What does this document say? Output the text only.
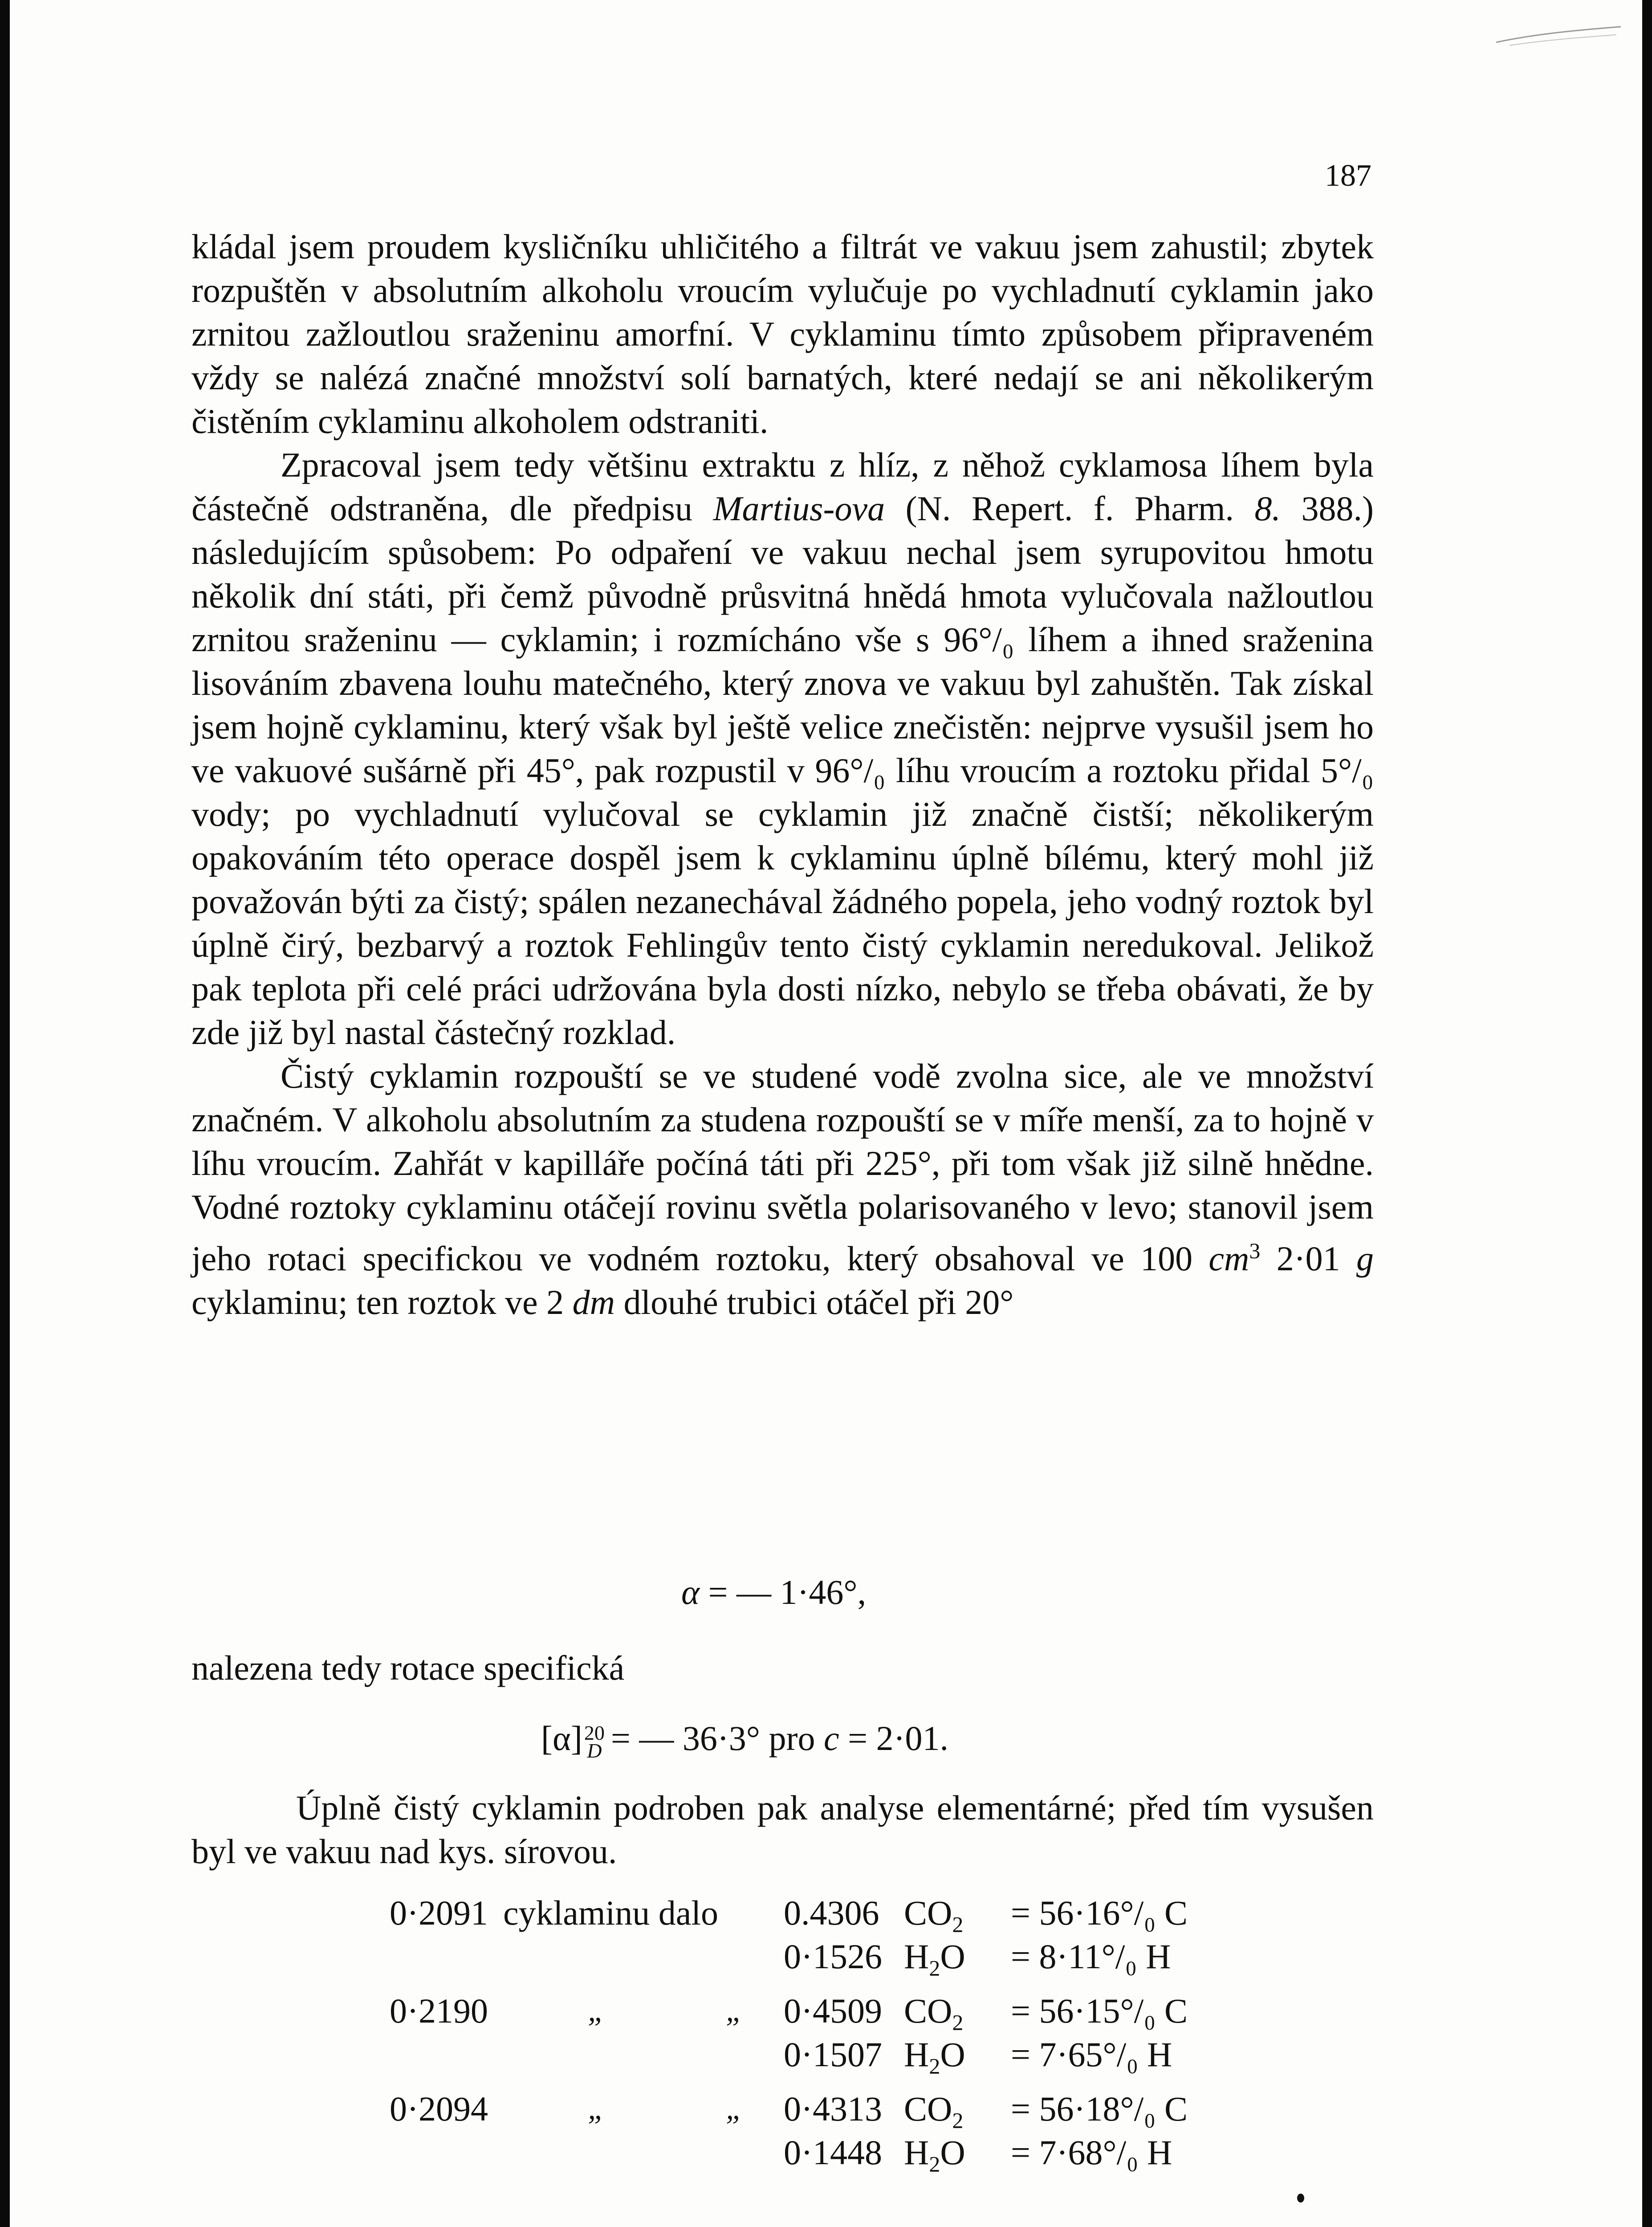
187

kládal jsem proudem kysličníku uhličitého a filtrát ve vakuu jsem zahustil; zbytek rozpuštěn v absolutním alkoholu vroucím vylučuje po vychladnutí cyklamin jako zrnitou zažloutlou sraženinu amorfní. V cyklaminu tímto způsobem připraveném vždy se nalézá značné množství solí barnatých, které nedají se ani několikerým čistěním cyklaminu alkoholem odstraniti.

Zpracoval jsem tedy většinu extraktu z hlíz, z něhož cyklamosa líhem byla částečně odstraněna, dle předpisu Martius-ova (N. Repert. f. Pharm. 8. 388.) následujícím spůsobem: Po odpaření ve vakuu nechal jsem syrupovitou hmotu několik dní státi, při čemž původně průsvitná hnědá hmota vylučovala nažloutlou zrnitou sraženinu — cyklamin; i rozmícháno vše s 96°/₀ líhem a ihned sraženina lisováním zbavena louhu matečného, který znova ve vakuu byl zahuštěn. Tak získal jsem hojně cyklaminu, který však byl ještě velice znečistěn: nejprve vysušil jsem ho ve vakuové sušárně při 45°, pak rozpustil v 96°/₀ líhu vroucím a roztoku přidal 5°/₀ vody; po vychladnutí vylučoval se cyklamin již značně čistší; několikerým opakováním této operace dospěl jsem k cyklaminu úplně bílému, který mohl již považován býti za čistý; spálen nezanechával žádného popela, jeho vodný roztok byl úplně čirý, bezbarvý a roztok Fehlingův tento čistý cyklamin neredukoval. Jelikož pak teplota při celé práci udržována byla dosti nízko, nebylo se třeba obávati, že by zde již byl nastal částečný rozklad.

Čistý cyklamin rozpouští se ve studené vodě zvolna sice, ale ve množství značném. V alkoholu absolutním za studena rozpouští se v míře menší, za to hojně v líhu vroucím. Zahřát v kapilláře počíná táti při 225°, při tom však již silně hnědne. Vodné roztoky cyklaminu otáčejí rovinu světla polarisovaného v levo; stanovil jsem jeho rotaci specifickou ve vodném roztoku, který obsahoval ve 100 $cm^3$ 2·01 g cyklaminu; ten roztok ve 2 dm dlouhé trubici otáčel při 20°

α = — 1·46°,
nalezena tedy rotace specifická
[α] 20
D = — 36·3° pro c = 2·01.

Úplně čistý cyklamin podroben pak analyse elementárné; před tím vysušen byl ve vakuu nad kys. sírovou.

0·2091 cyklaminu dalo 0.4306 $CO_2 = 56\cdot 16^\circ/_0$ C
0·1526 $H_2O = 8\cdot 11^\circ/_0$ H
0·2190	„	„ 0·4509 $CO_2 = 56\cdot 15^\circ/_0$ C
0·1507 $H_2O = 7\cdot 65^\circ/_0$ H
0·2094	„	„ 0·4313 $CO_2 = 56\cdot 18^\circ/_0$ C
0·1448 $H_2O = 7\cdot 68^\circ/_0$ H
